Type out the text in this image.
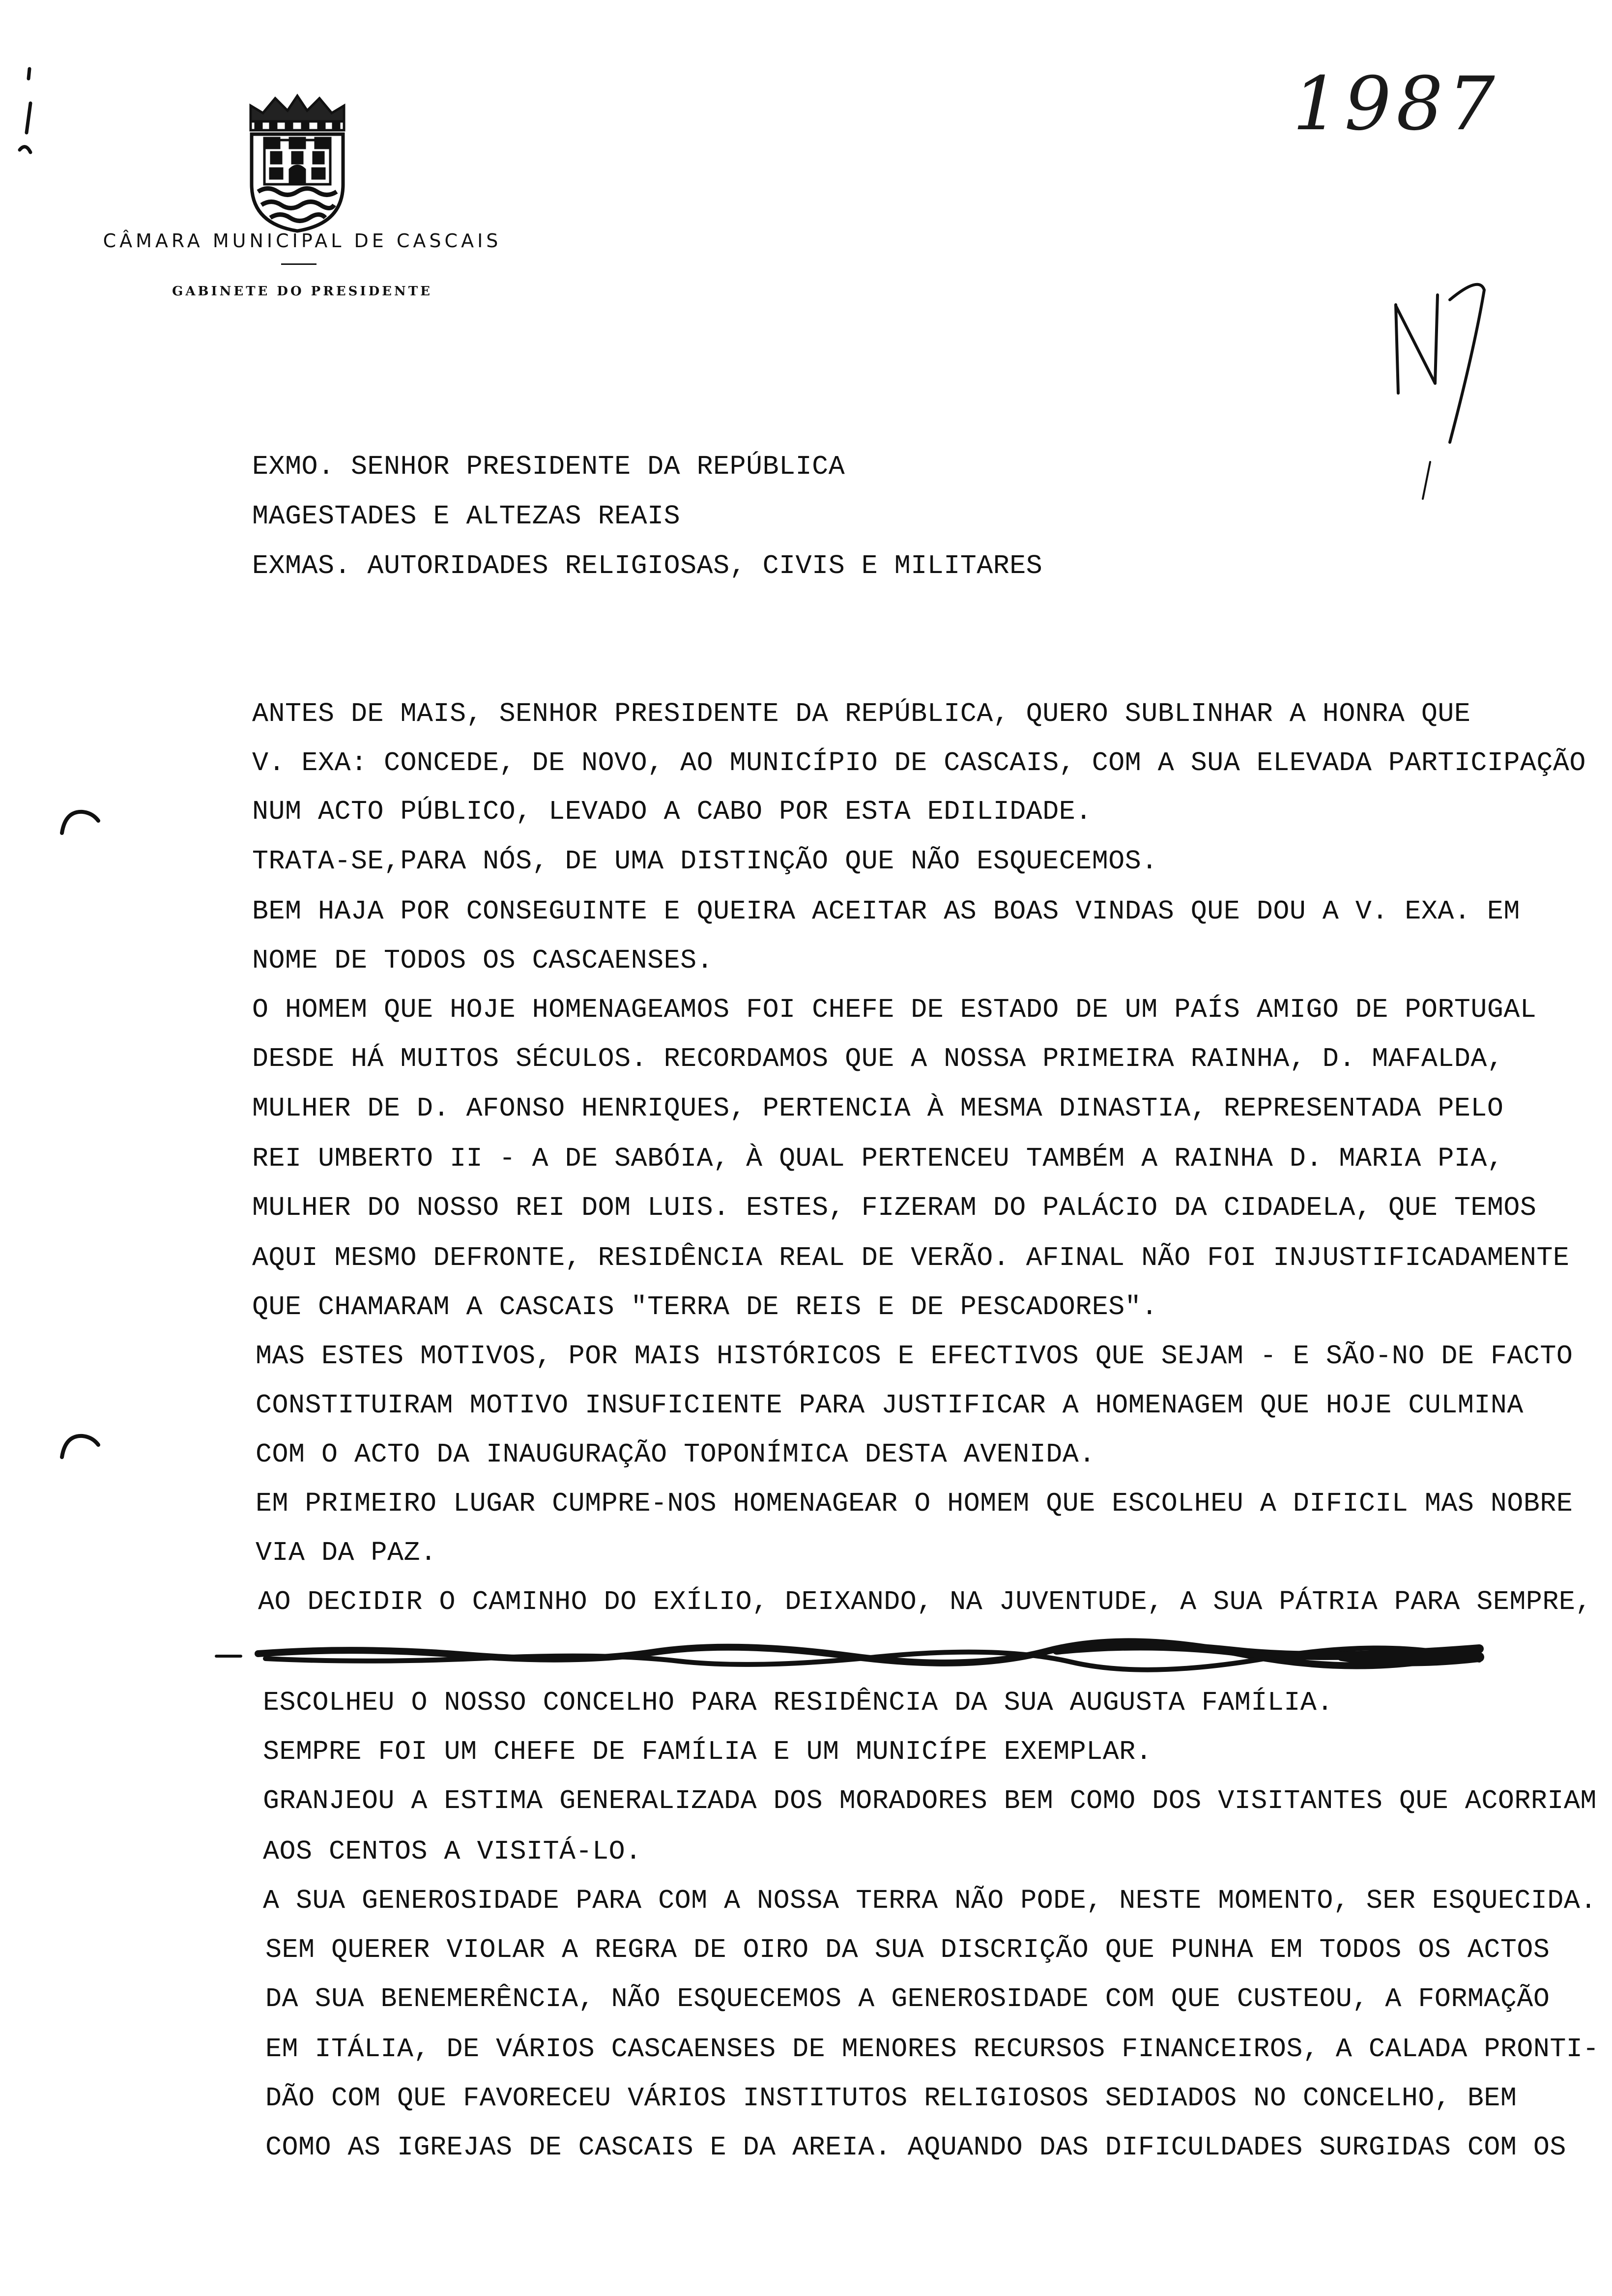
CÂMARA MUNICIPAL DE CASCAIS
GABINETE DO PRESIDENTE
1987
N7
EXMO. SENHOR PRESIDENTE DA REPÚBLICA
MAGESTADES E ALTEZAS REAIS
EXMAS. AUTORIDADES RELIGIOSAS, CIVIS E MILITARES
ANTES DE MAIS, SENHOR PRESIDENTE DA REPÚBLICA, QUERO SUBLINHAR A HONRA QUE
V. EXA: CONCEDE, DE NOVO, AO MUNICÍPIO DE CASCAIS, COM A SUA ELEVADA PARTICIPAÇÃO
NUM ACTO PÚBLICO, LEVADO A CABO POR ESTA EDILIDADE.
TRATA-SE,PARA NÓS, DE UMA DISTINÇÃO QUE NÃO ESQUECEMOS.
BEM HAJA POR CONSEGUINTE E QUEIRA ACEITAR AS BOAS VINDAS QUE DOU A V. EXA. EM
NOME DE TODOS OS CASCAENSES.
O HOMEM QUE HOJE HOMENAGEAMOS FOI CHEFE DE ESTADO DE UM PAÍS AMIGO DE PORTUGAL
DESDE HÁ MUITOS SÉCULOS. RECORDAMOS QUE A NOSSA PRIMEIRA RAINHA, D. MAFALDA,
MULHER DE D. AFONSO HENRIQUES, PERTENCIA À MESMA DINASTIA, REPRESENTADA PELO
REI UMBERTO II - A DE SABÓIA, À QUAL PERTENCEU TAMBÉM A RAINHA D. MARIA PIA,
MULHER DO NOSSO REI DOM LUIS. ESTES, FIZERAM DO PALÁCIO DA CIDADELA, QUE TEMOS
AQUI MESMO DEFRONTE, RESIDÊNCIA REAL DE VERÃO. AFINAL NÃO FOI INJUSTIFICADAMENTE
QUE CHAMARAM A CASCAIS "TERRA DE REIS E DE PESCADORES".
MAS ESTES MOTIVOS, POR MAIS HISTÓRICOS E EFECTIVOS QUE SEJAM - E SÃO-NO DE FACTO
CONSTITUIRAM MOTIVO INSUFICIENTE PARA JUSTIFICAR A HOMENAGEM QUE HOJE CULMINA
COM O ACTO DA INAUGURAÇÃO TOPONÍMICA DESTA AVENIDA.
EM PRIMEIRO LUGAR CUMPRE-NOS HOMENAGEAR O HOMEM QUE ESCOLHEU A DIFICIL MAS NOBRE
VIA DA PAZ.
AO DECIDIR O CAMINHO DO EXÍLIO, DEIXANDO, NA JUVENTUDE, A SUA PÁTRIA PARA SEMPRE,
ESCOLHEU O NOSSO CONCELHO PARA RESIDÊNCIA DA SUA AUGUSTA FAMÍLIA.
SEMPRE FOI UM CHEFE DE FAMÍLIA E UM MUNICÍPE EXEMPLAR.
GRANJEOU A ESTIMA GENERALIZADA DOS MORADORES BEM COMO DOS VISITANTES QUE ACORRIAM
AOS CENTOS A VISITÁ-LO.
A SUA GENEROSIDADE PARA COM A NOSSA TERRA NÃO PODE, NESTE MOMENTO, SER ESQUECIDA.
SEM QUERER VIOLAR A REGRA DE OIRO DA SUA DISCRIÇÃO QUE PUNHA EM TODOS OS ACTOS
DA SUA BENEMERÊNCIA, NÃO ESQUECEMOS A GENEROSIDADE COM QUE CUSTEOU, A FORMAÇÃO
EM ITÁLIA, DE VÁRIOS CASCAENSES DE MENORES RECURSOS FINANCEIROS, A CALADA PRONTI-
DÃO COM QUE FAVORECEU VÁRIOS INSTITUTOS RELIGIOSOS SEDIADOS NO CONCELHO, BEM
COMO AS IGREJAS DE CASCAIS E DA AREIA. AQUANDO DAS DIFICULDADES SURGIDAS COM OS
